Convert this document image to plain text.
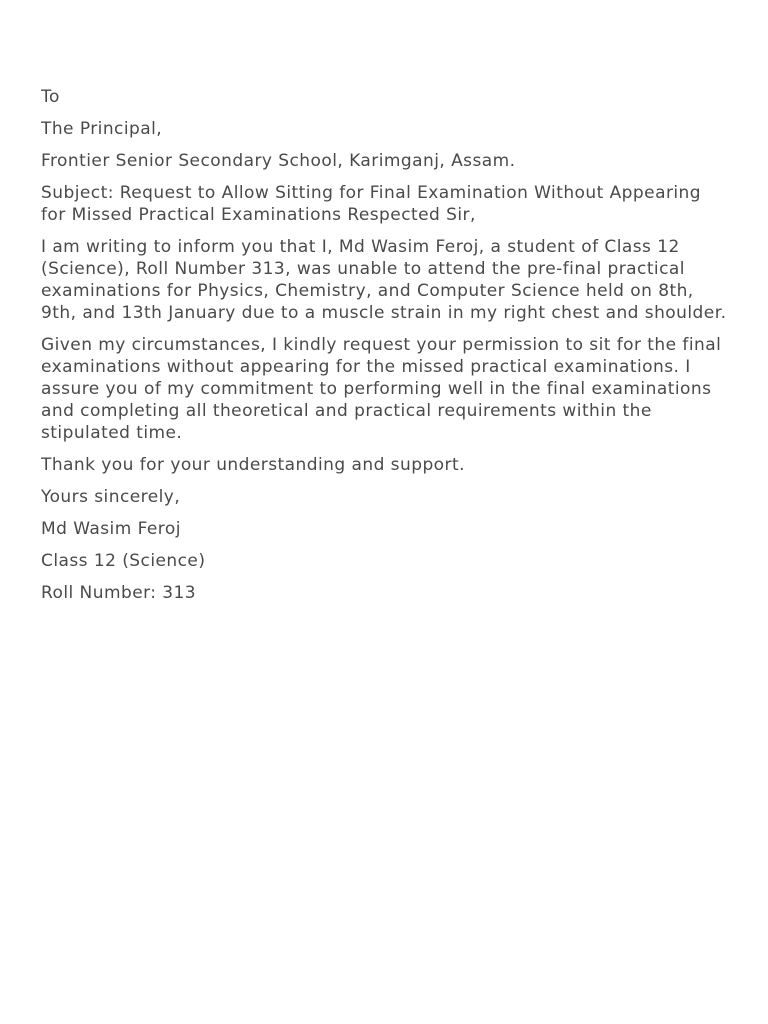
To

The Principal,

Frontier Senior Secondary School, Karimganj, Assam.

Subject: Request to Allow Sitting for Final Examination Without Appearing for Missed Practical Examinations Respected Sir,

I am writing to inform you that I, Md Wasim Feroj, a student of Class 12 (Science), Roll Number 313, was unable to attend the pre-final practical examinations for Physics, Chemistry, and Computer Science held on 8th, 9th, and 13th January due to a muscle strain in my right chest and shoulder.

Given my circumstances, I kindly request your permission to sit for the final examinations without appearing for the missed practical examinations. I assure you of my commitment to performing well in the final examinations and completing all theoretical and practical requirements within the stipulated time.

Thank you for your understanding and support.

Yours sincerely,

Md Wasim Feroj

Class 12 (Science)

Roll Number: 313
